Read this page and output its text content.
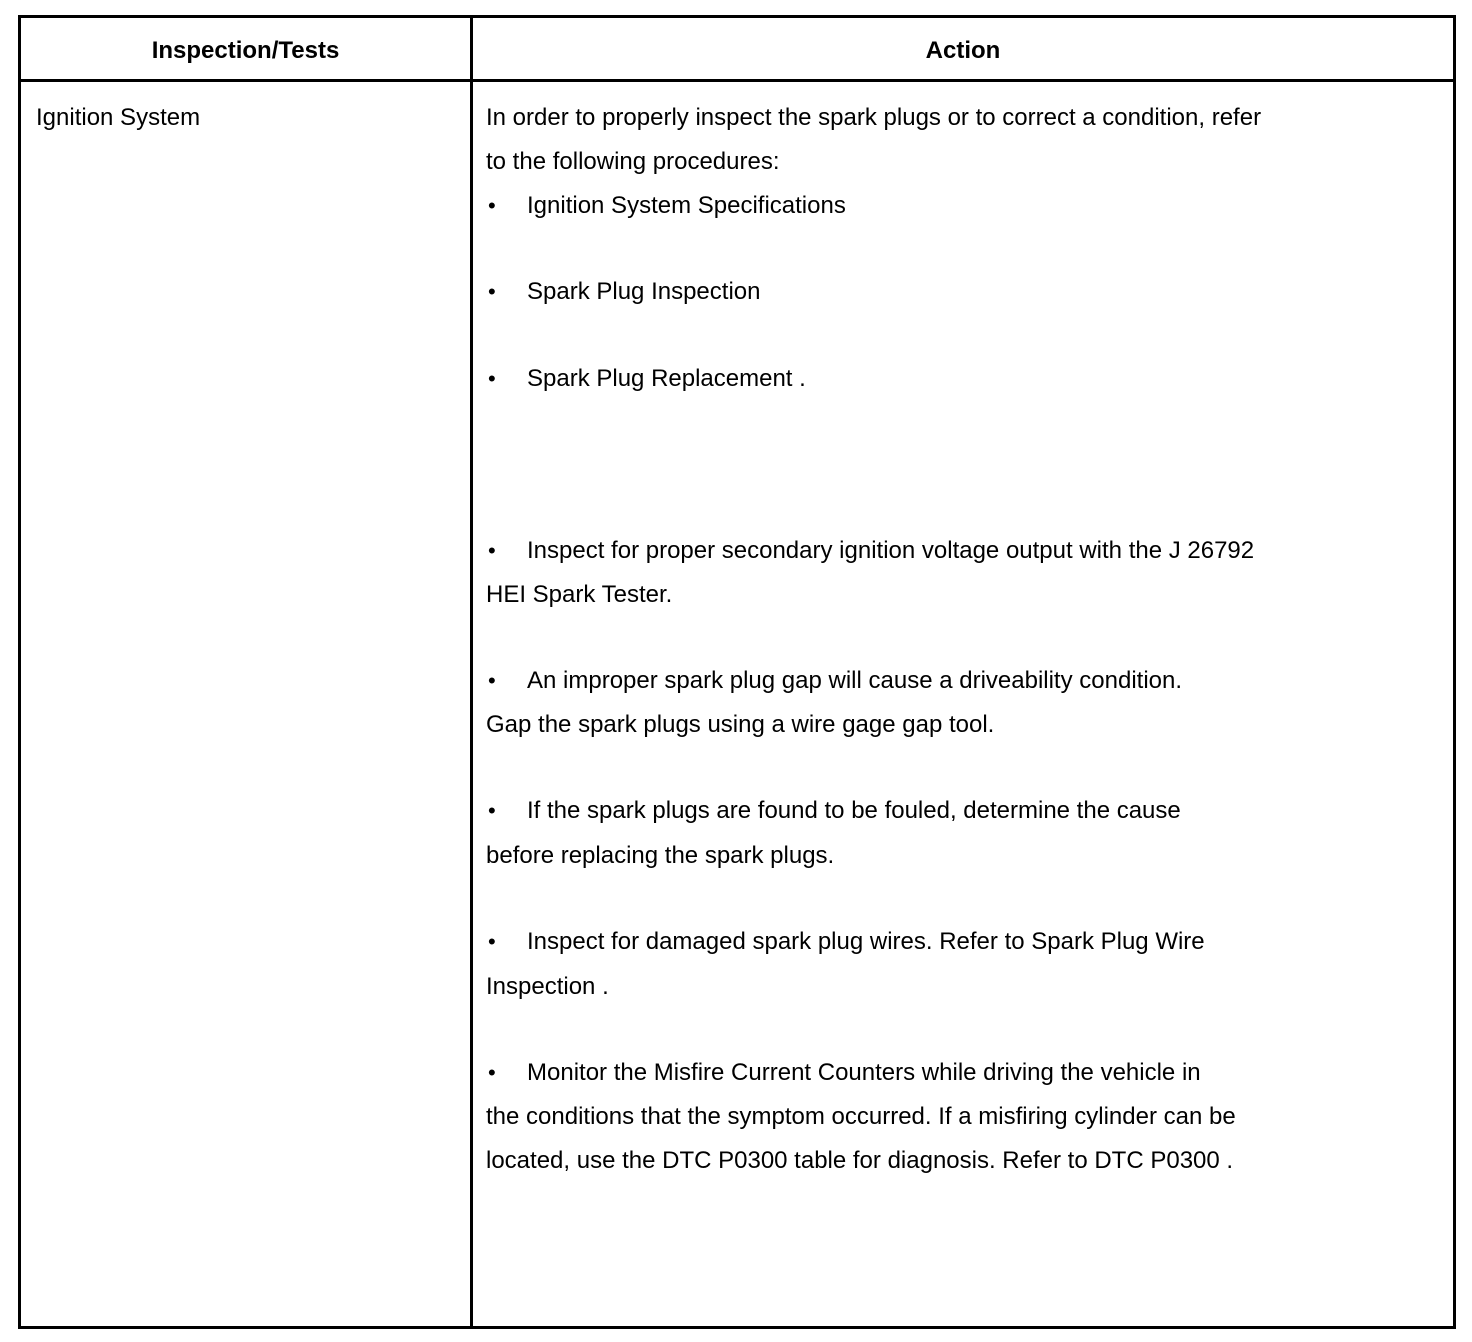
Inspection/Tests	Action
Ignition System	In order to properly inspect the spark plugs or to correct a condition, refer
to the following procedures:
• Ignition System Specifications
• Spark Plug Inspection
• Spark Plug Replacement .
• Inspect for proper secondary ignition voltage output with the J 26792
HEI Spark Tester.
• An improper spark plug gap will cause a driveability condition.
Gap the spark plugs using a wire gage gap tool.
• If the spark plugs are found to be fouled, determine the cause
before replacing the spark plugs.
• Inspect for damaged spark plug wires. Refer to Spark Plug Wire
Inspection .
• Monitor the Misfire Current Counters while driving the vehicle in
the conditions that the symptom occurred. If a misfiring cylinder can be
located, use the DTC P0300 table for diagnosis. Refer to DTC P0300 .
